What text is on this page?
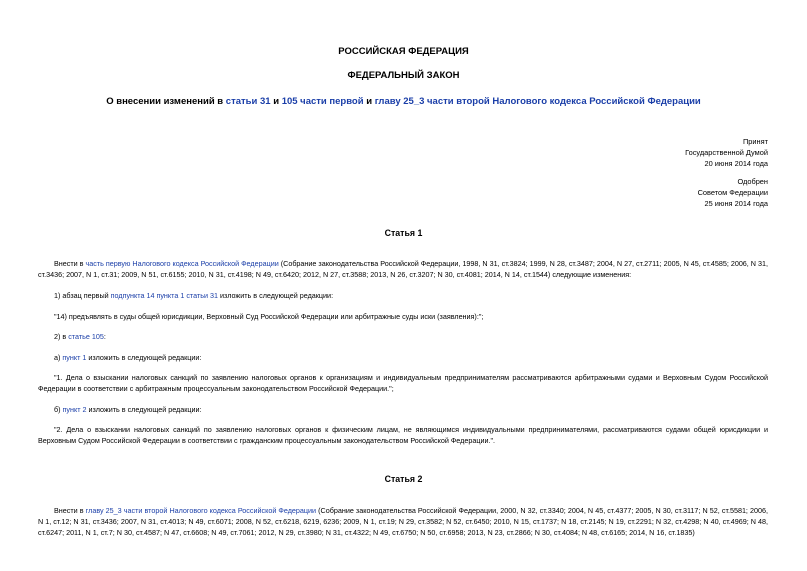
РОССИЙСКАЯ ФЕДЕРАЦИЯ
ФЕДЕРАЛЬНЫЙ ЗАКОН
О внесении изменений в статьи 31 и 105 части первой и главу 25_3 части второй Налогового кодекса Российской Федерации
Принят
Государственной Думой
20 июня 2014 года
Одобрен
Советом Федерации
25 июня 2014 года
Статья 1
Внести в часть первую Налогового кодекса Российской Федерации (Собрание законодательства Российской Федерации, 1998, N 31, ст.3824; 1999, N 28, ст.3487; 2004, N 27, ст.2711; 2005, N 45, ст.4585; 2006, N 31, ст.3436; 2007, N 1, ст.31; 2009, N 51, ст.6155; 2010, N 31, ст.4198; N 49, ст.6420; 2012, N 27, ст.3588; 2013, N 26, ст.3207; N 30, ст.4081; 2014, N 14, ст.1544) следующие изменения:
1) абзац первый подпункта 14 пункта 1 статьи 31 изложить в следующей редакции:
"14) предъявлять в суды общей юрисдикции, Верховный Суд Российской Федерации или арбитражные суды иски (заявления):";
2) в статье 105:
а) пункт 1 изложить в следующей редакции:
"1. Дела о взыскании налоговых санкций по заявлению налоговых органов к организациям и индивидуальным предпринимателям рассматриваются арбитражными судами и Верховным Судом Российской Федерации в соответствии с арбитражным процессуальным законодательством Российской Федерации.";
б) пункт 2 изложить в следующей редакции:
"2. Дела о взыскании налоговых санкций по заявлению налоговых органов к физическим лицам, не являющимся индивидуальными предпринимателями, рассматриваются судами общей юрисдикции и Верховным Судом Российской Федерации в соответствии с гражданским процессуальным законодательством Российской Федерации.".
Статья 2
Внести в главу 25_3 части второй Налогового кодекса Российской Федерации (Собрание законодательства Российской Федерации, 2000, N 32, ст.3340; 2004, N 45, ст.4377; 2005, N 30, ст.3117; N 52, ст.5581; 2006, N 1, ст.12; N 31, ст.3436; 2007, N 31, ст.4013; N 49, ст.6071; 2008, N 52, ст.6218, 6219, 6236; 2009, N 1, ст.19; N 29, ст.3582; N 52, ст.6450; 2010, N 15, ст.1737; N 18, ст.2145; N 19, ст.2291; N 32, ст.4298; N 40, ст.4969; N 48, ст.6247; 2011, N 1, ст.7; N 30, ст.4587; N 47, ст.6608; N 49, ст.7061; 2012, N 29, ст.3980; N 31, ст.4322; N 49, ст.6750; N 50, ст.6958; 2013, N 23, ст.2866; N 30, ст.4084; N 48, ст.6165; 2014, N 16, ст.1835)
